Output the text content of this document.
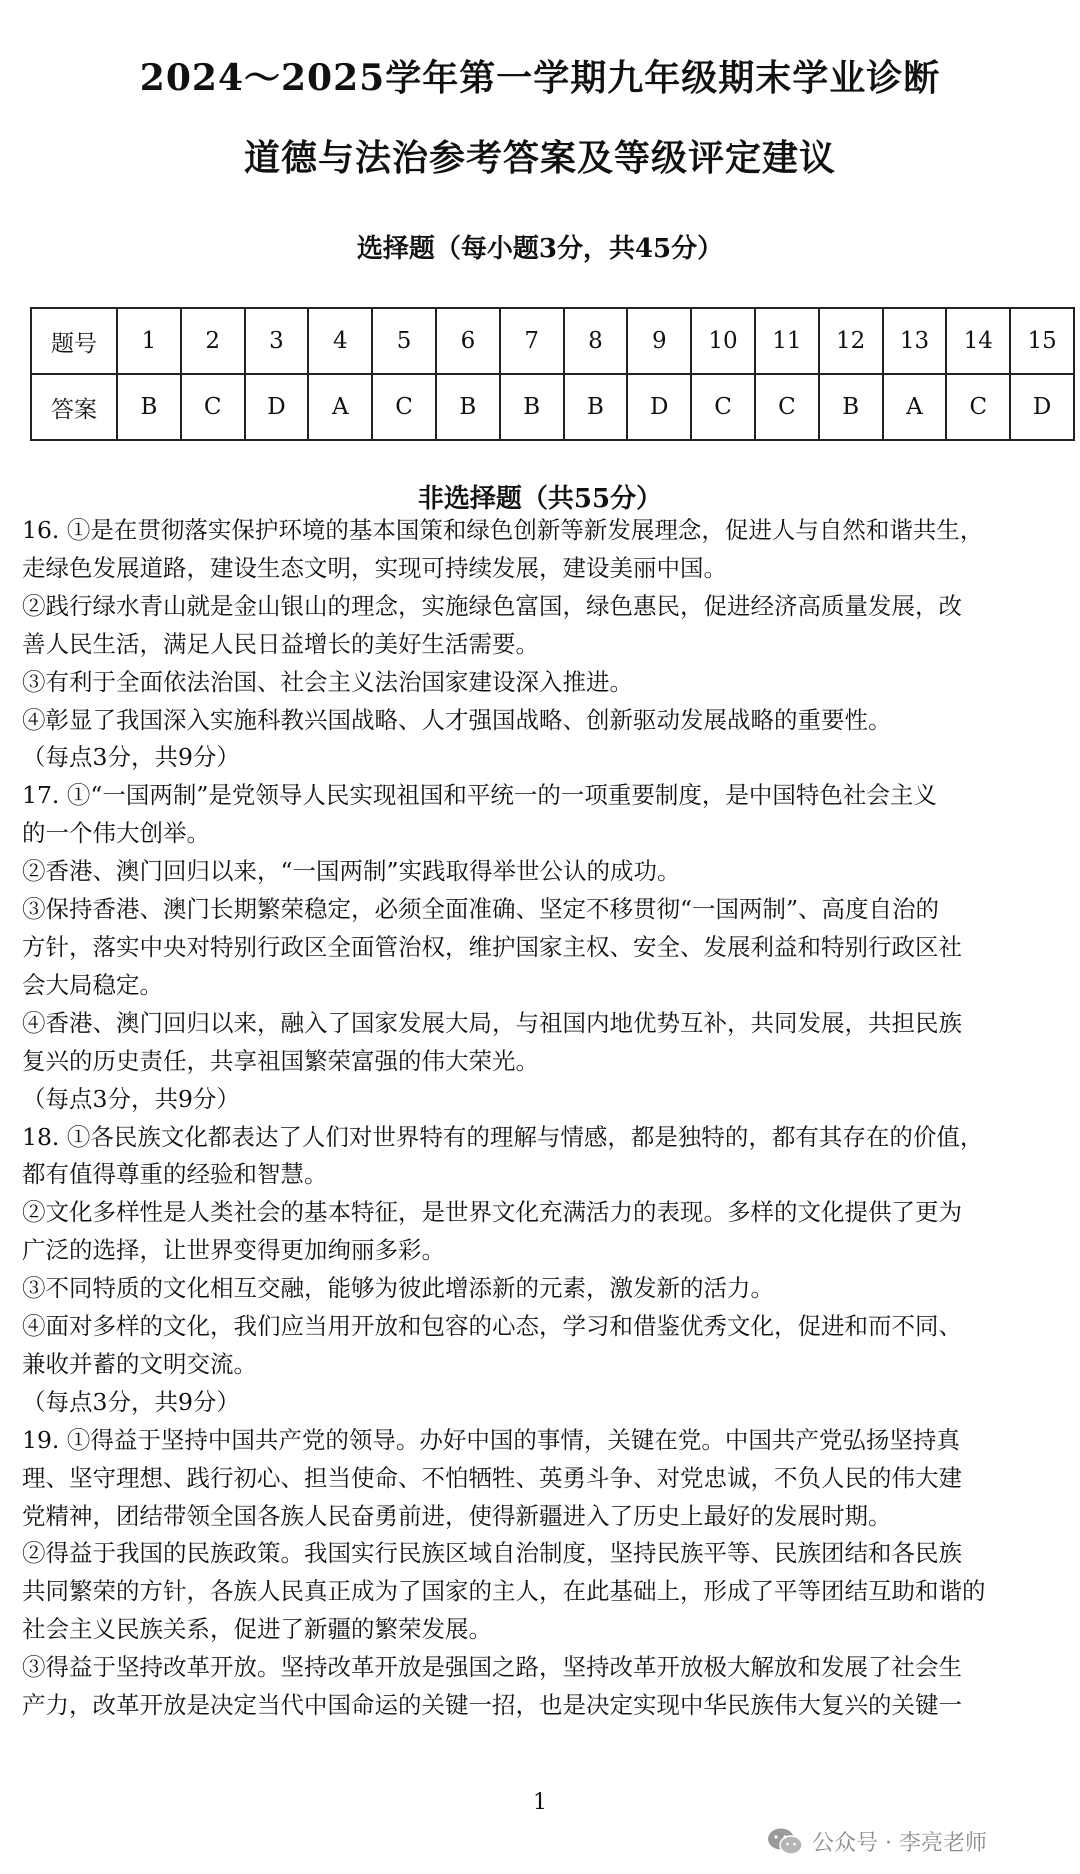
2024～2025学年第一学期九年级期末学业诊断
道德与法治参考答案及等级评定建议
选择题（每小题3分，共45分）
题号	1	2	3	4	5	6	7	8	9	10	11	12	13	14	15
答案	B	C	D	A	C	B	B	B	D	C	C	B	A	C	D
非选择题（共55分）

16. ①是在贯彻落实保护环境的基本国策和绿色创新等新发展理念，促进人与自然和谐共生，

走绿色发展道路，建设生态文明，实现可持续发展，建设美丽中国。

②践行绿水青山就是金山银山的理念，实施绿色富国，绿色惠民，促进经济高质量发展，改

善人民生活，满足人民日益增长的美好生活需要。

③有利于全面依法治国、社会主义法治国家建设深入推进。

④彰显了我国深入实施科教兴国战略、人才强国战略、创新驱动发展战略的重要性。

（每点3分，共9分）

17. ①“一国两制”是党领导人民实现祖国和平统一的一项重要制度，是中国特色社会主义

的一个伟大创举。

②香港、澳门回归以来，“一国两制”实践取得举世公认的成功。

③保持香港、澳门长期繁荣稳定，必须全面准确、坚定不移贯彻“一国两制”、高度自治的

方针，落实中央对特别行政区全面管治权，维护国家主权、安全、发展利益和特别行政区社

会大局稳定。

④香港、澳门回归以来，融入了国家发展大局，与祖国内地优势互补，共同发展，共担民族

复兴的历史责任，共享祖国繁荣富强的伟大荣光。

（每点3分，共9分）

18. ①各民族文化都表达了人们对世界特有的理解与情感，都是独特的，都有其存在的价值，

都有值得尊重的经验和智慧。

②文化多样性是人类社会的基本特征，是世界文化充满活力的表现。多样的文化提供了更为

广泛的选择，让世界变得更加绚丽多彩。

③不同特质的文化相互交融，能够为彼此增添新的元素，激发新的活力。

④面对多样的文化，我们应当用开放和包容的心态，学习和借鉴优秀文化，促进和而不同、

兼收并蓄的文明交流。

（每点3分，共9分）

19. ①得益于坚持中国共产党的领导。办好中国的事情，关键在党。中国共产党弘扬坚持真

理、坚守理想、践行初心、担当使命、不怕牺牲、英勇斗争、对党忠诚，不负人民的伟大建

党精神，团结带领全国各族人民奋勇前进，使得新疆进入了历史上最好的发展时期。

②得益于我国的民族政策。我国实行民族区域自治制度，坚持民族平等、民族团结和各民族

共同繁荣的方针，各族人民真正成为了国家的主人，在此基础上，形成了平等团结互助和谐的

社会主义民族关系，促进了新疆的繁荣发展。

③得益于坚持改革开放。坚持改革开放是强国之路，坚持改革开放极大解放和发展了社会生

产力，改革开放是决定当代中国命运的关键一招，也是决定实现中华民族伟大复兴的关键一

1
公众号 · 李亮老师
